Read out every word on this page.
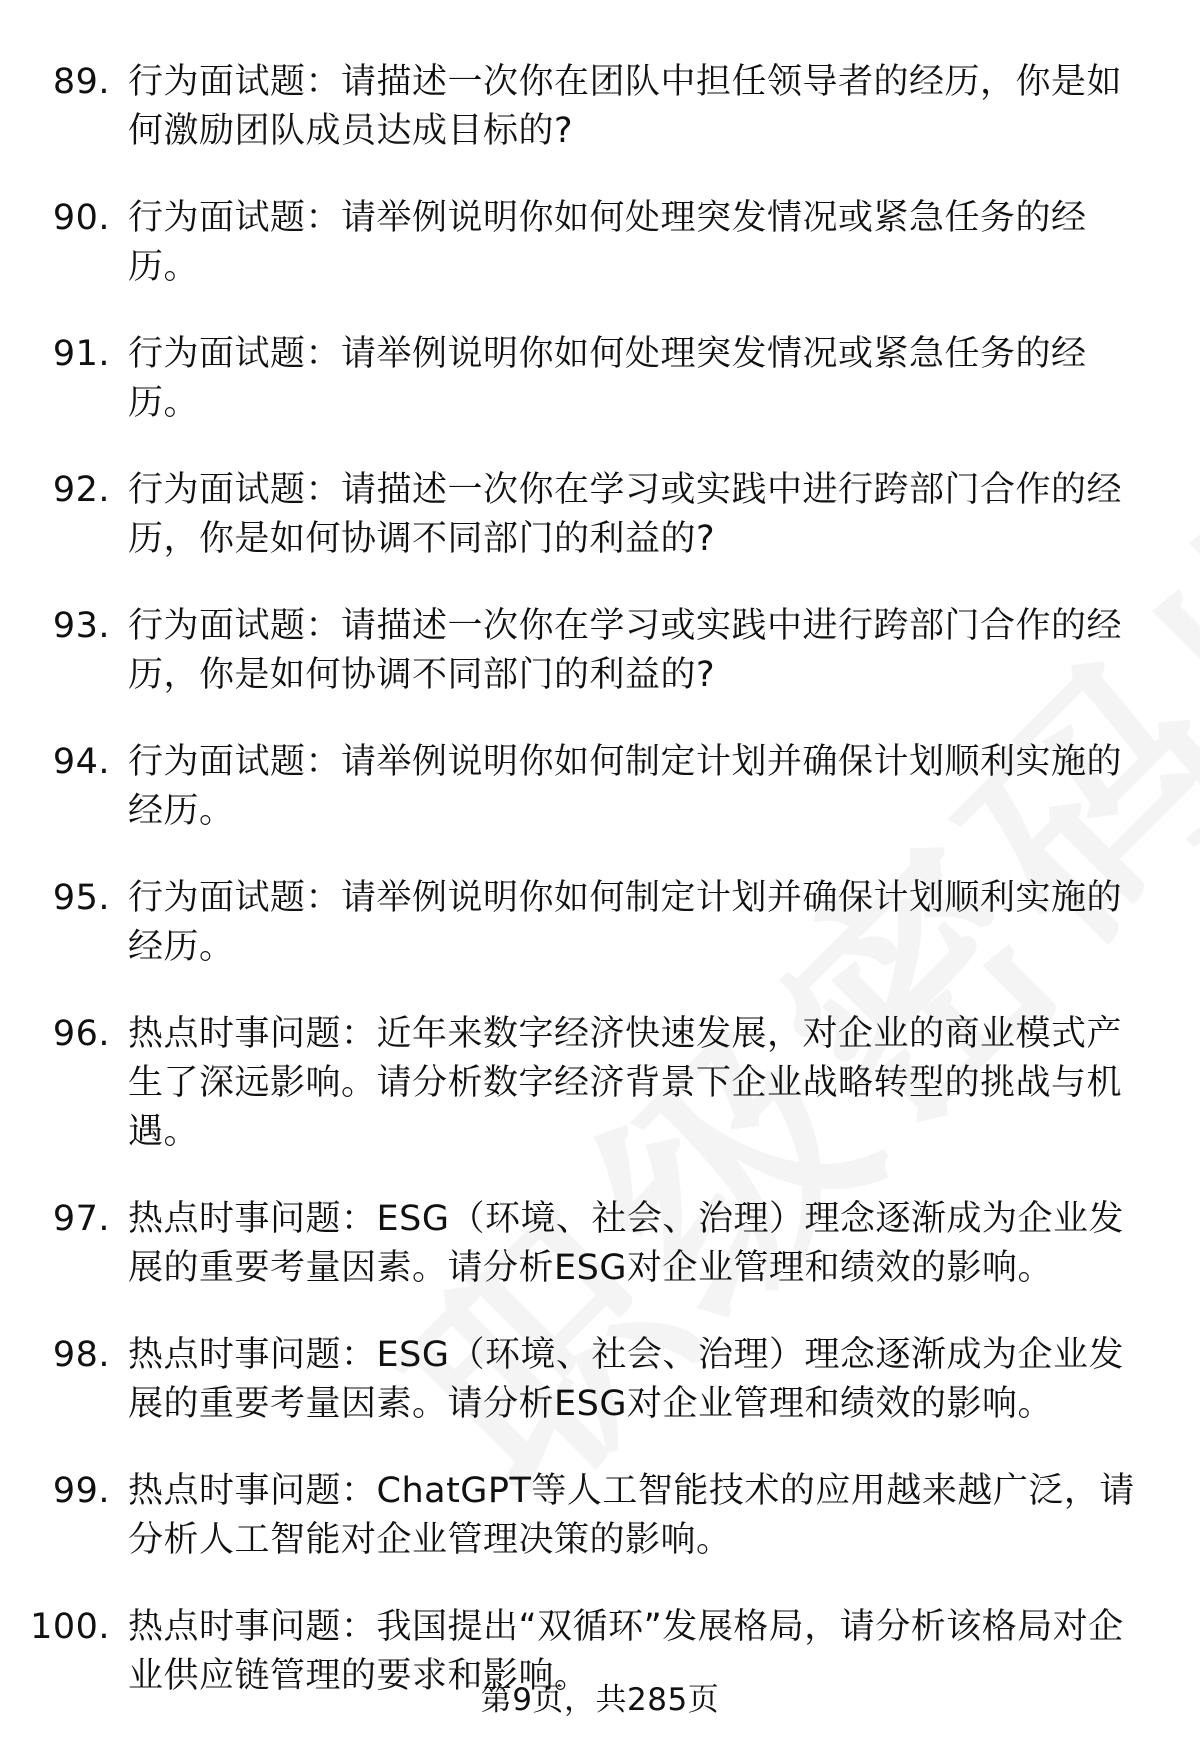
89. 行为面试题：请描述一次你在团队中担任领导者的经历，你是如何激励团队成员达成目标的?
90. 行为面试题：请举例说明你如何处理突发情况或紧急任务的经历。
91. 行为面试题：请举例说明你如何处理突发情况或紧急任务的经历。
92. 行为面试题：请描述一次你在学习或实践中进行跨部门合作的经历，你是如何协调不同部门的利益的?
93. 行为面试题：请描述一次你在学习或实践中进行跨部门合作的经历，你是如何协调不同部门的利益的?
94. 行为面试题：请举例说明你如何制定计划并确保计划顺利实施的经历。
95. 行为面试题：请举例说明你如何制定计划并确保计划顺利实施的经历。
96. 热点时事问题：近年来数字经济快速发展，对企业的商业模式产生了深远影响。请分析数字经济背景下企业战略转型的挑战与机遇。
97. 热点时事问题：ESG（环境、社会、治理）理念逐渐成为企业发展的重要考量因素。请分析ESG对企业管理和绩效的影响。
98. 热点时事问题：ESG（环境、社会、治理）理念逐渐成为企业发展的重要考量因素。请分析ESG对企业管理和绩效的影响。
99. 热点时事问题：ChatGPT等人工智能技术的应用越来越广泛，请分析人工智能对企业管理决策的影响。
100. 热点时事问题：我国提出“双循环”发展格局，请分析该格局对企业供应链管理的要求和影响。
第9页，共285页
